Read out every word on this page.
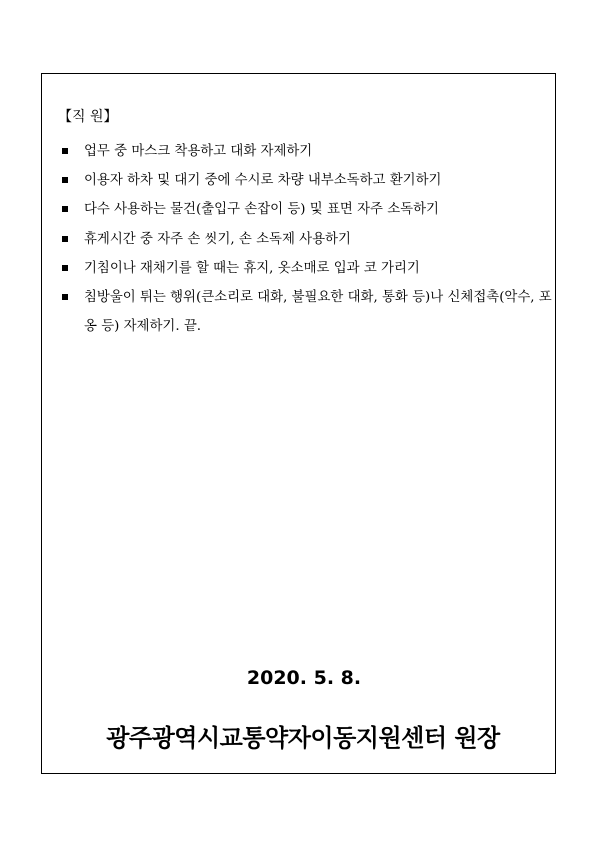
【직 원】
업무 중 마스크 착용하고 대화 자제하기
이용자 하차 및 대기 중에 수시로 차량 내부소독하고 환기하기
다수 사용하는 물건(출입구 손잡이 등) 및 표면 자주 소독하기
휴게시간 중 자주 손 씻기, 손 소독제 사용하기
기침이나 재채기를 할 때는 휴지, 옷소매로 입과 코 가리기
침방울이 튀는 행위(큰소리로 대화, 불필요한 대화, 통화 등)나 신체접촉(악수, 포옹 등) 자제하기. 끝.
2020. 5. 8.
광주광역시교통약자이동지원센터 원장
